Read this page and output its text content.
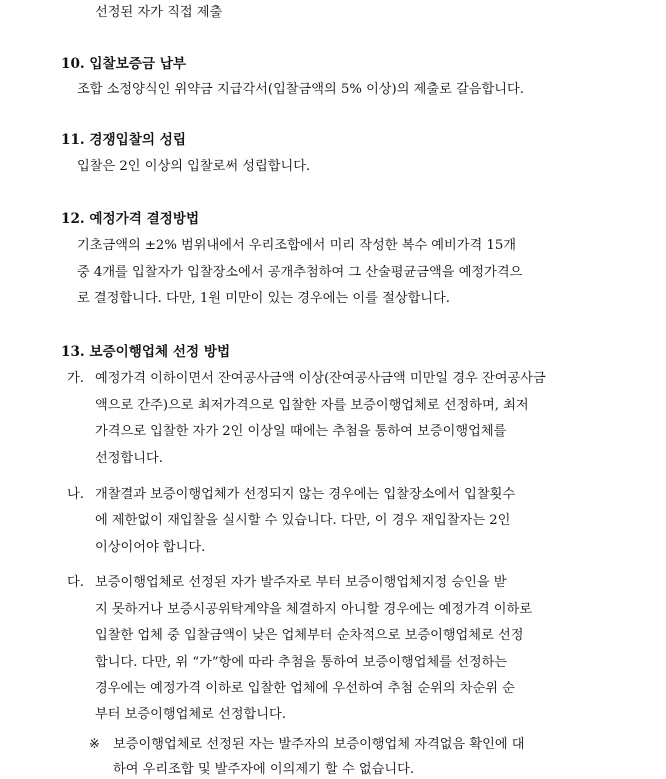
선정된 자가 직접 제출
10. 입찰보증금 납부
조합 소정양식인 위약금 지급각서(입찰금액의 5% 이상)의 제출로 갈음합니다.
11. 경쟁입찰의 성립
입찰은 2인 이상의 입찰로써 성립합니다.
12. 예정가격 결정방법
기초금액의 ±2% 범위내에서 우리조합에서 미리 작성한 복수 예비가격 15개
중 4개를 입찰자가 입찰장소에서 공개추첨하여 그 산술평균금액을 예정가격으
로 결정합니다. 다만, 1원 미만이 있는 경우에는 이를 절상합니다.
13. 보증이행업체 선정 방법
가. 예정가격 이하이면서 잔여공사금액 이상(잔여공사금액 미만일 경우 잔여공사금
액으로 간주)으로 최저가격으로 입찰한 자를 보증이행업체로 선정하며, 최저
가격으로 입찰한 자가 2인 이상일 때에는 추첨을 통하여 보증이행업체를
선정합니다.
나. 개찰결과 보증이행업체가 선정되지 않는 경우에는 입찰장소에서 입찰횟수
에 제한없이 재입찰을 실시할 수 있습니다. 다만, 이 경우 재입찰자는 2인
이상이어야 합니다.
다. 보증이행업체로 선정된 자가 발주자로 부터 보증이행업체지정 승인을 받
지 못하거나 보증시공위탁계약을 체결하지 아니할 경우에는 예정가격 이하로
입찰한 업체 중 입찰금액이 낮은 업체부터 순차적으로 보증이행업체로 선정
합니다. 다만, 위 “가”항에 따라 추첨을 통하여 보증이행업체를 선정하는
경우에는 예정가격 이하로 입찰한 업체에 우선하여 추첨 순위의 차순위 순
부터 보증이행업체로 선정합니다.
※ 보증이행업체로 선정된 자는 발주자의 보증이행업체 자격없음 확인에 대
하여 우리조합 및 발주자에 이의제기 할 수 없습니다.
